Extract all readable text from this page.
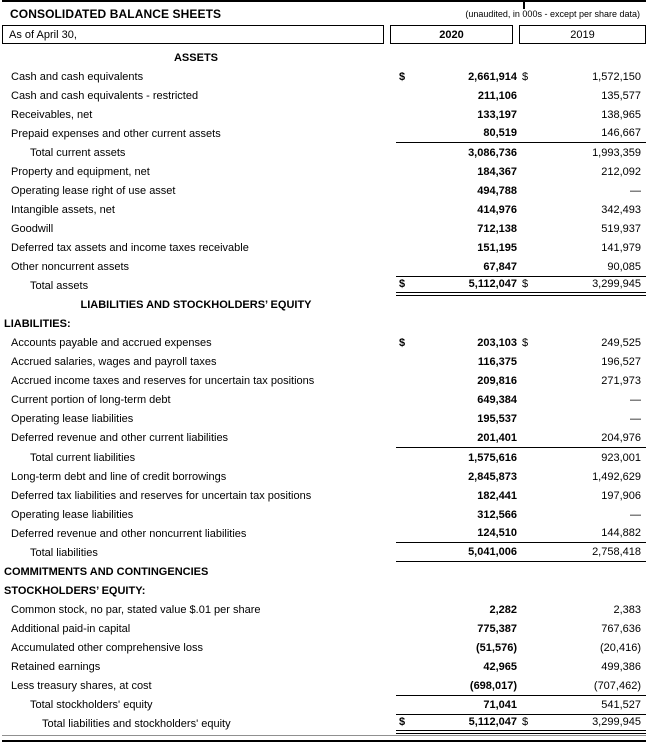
CONSOLIDATED BALANCE SHEETS	(unaudited, in 000s - except per share data)
As of April 30,	2020	2019
ASSETS
Cash and cash equivalents	$	2,661,914 $	1,572,150
Cash and cash equivalents - restricted	211,106	135,577
Receivables, net	133,197	138,965
Prepaid expenses and other current assets	80,519	146,667
Total current assets	3,086,736	1,993,359
Property and equipment, net	184,367	212,092
Operating lease right of use asset	494,788	—
Intangible assets, net	414,976	342,493
Goodwill	712,138	519,937
Deferred tax assets and income taxes receivable	151,195	141,979
Other noncurrent assets	67,847	90,085
Total assets	$	5,112,047 $	3,299,945
LIABILITIES AND STOCKHOLDERS’ EQUITY
LIABILITIES:
Accounts payable and accrued expenses	$	203,103 $	249,525
Accrued salaries, wages and payroll taxes	116,375	196,527
Accrued income taxes and reserves for uncertain tax positions	209,816	271,973
Current portion of long-term debt	649,384	—
Operating lease liabilities	195,537	—
Deferred revenue and other current liabilities	201,401	204,976
Total current liabilities	1,575,616	923,001
Long-term debt and line of credit borrowings	2,845,873	1,492,629
Deferred tax liabilities and reserves for uncertain tax positions	182,441	197,906
Operating lease liabilities	312,566	—
Deferred revenue and other noncurrent liabilities	124,510	144,882
Total liabilities	5,041,006	2,758,418
COMMITMENTS AND CONTINGENCIES
STOCKHOLDERS’ EQUITY:
Common stock, no par, stated value $.01 per share	2,282	2,383
Additional paid-in capital	775,387	767,636
Accumulated other comprehensive loss	(51,576)	(20,416)
Retained earnings	42,965	499,386
Less treasury shares, at cost	(698,017)	(707,462)
Total stockholders' equity	71,041	541,527
Total liabilities and stockholders' equity	$	5,112,047 $	3,299,945
